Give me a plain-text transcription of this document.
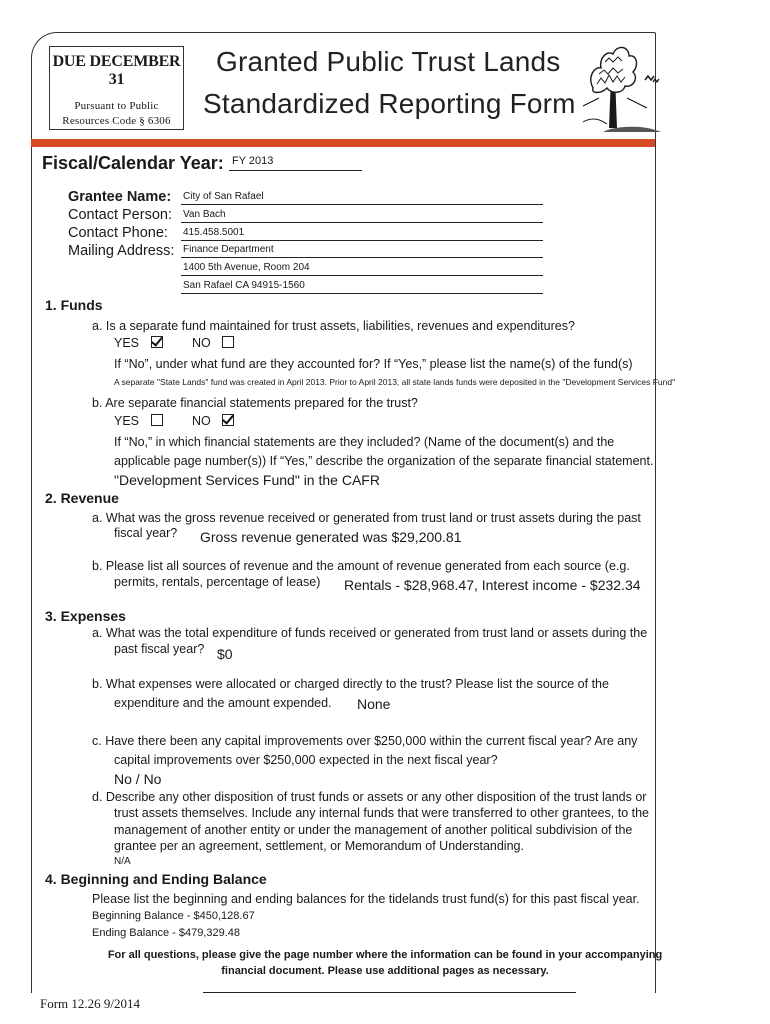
DUE DECEMBER 31
Pursuant to Public
Resources Code § 6306
Granted Public Trust Lands
Standardized Reporting Form
Fiscal/Calendar Year: FY 2013
Grantee Name: City of San Rafael
Contact Person: Van Bach
Contact Phone: 415.458.5001
Mailing Address: Finance Department
1400 5th Avenue, Room 204
San Rafael CA 94915-1560
1. Funds
a. Is a separate fund maintained for trust assets, liabilities, revenues and expenditures?
YES	NO
If “No”, under what fund are they accounted for? If “Yes,” please list the name(s) of the fund(s)
A separate "State Lands" fund was created in April 2013. Prior to April 2013, all state lands funds were deposited in the "Development Services Fund"
b. Are separate financial statements prepared for the trust?
YES	NO
If “No,” in which financial statements are they included? (Name of the document(s) and the
applicable page number(s)) If “Yes,” describe the organization of the separate financial statement.
"Development Services Fund" in the CAFR
2. Revenue
a. What was the gross revenue received or generated from trust land or trust assets during the past
fiscal year? Gross revenue generated was $29,200.81
b. Please list all sources of revenue and the amount of revenue generated from each source (e.g.
permits, rentals, percentage of lease) Rentals - $28,968.47, Interest income - $232.34
3. Expenses
a. What was the total expenditure of funds received or generated from trust land or assets during the
past fiscal year? $0
b. What expenses were allocated or charged directly to the trust? Please list the source of the
expenditure and the amount expended. None
c. Have there been any capital improvements over $250,000 within the current fiscal year? Are any
capital improvements over $250,000 expected in the next fiscal year?
No / No
d. Describe any other disposition of trust funds or assets or any other disposition of the trust lands or
trust assets themselves. Include any internal funds that were transferred to other grantees, to the
management of another entity or under the management of another political subdivision of the
grantee per an agreement, settlement, or Memorandum of Understanding.
N/A
4. Beginning and Ending Balance
Please list the beginning and ending balances for the tidelands trust fund(s) for this past fiscal year.
Beginning Balance - $450,128.67
Ending Balance - $479,329.48
For all questions, please give the page number where the information can be found in your accompanying
financial document. Please use additional pages as necessary.
Form 12.26 9/2014
